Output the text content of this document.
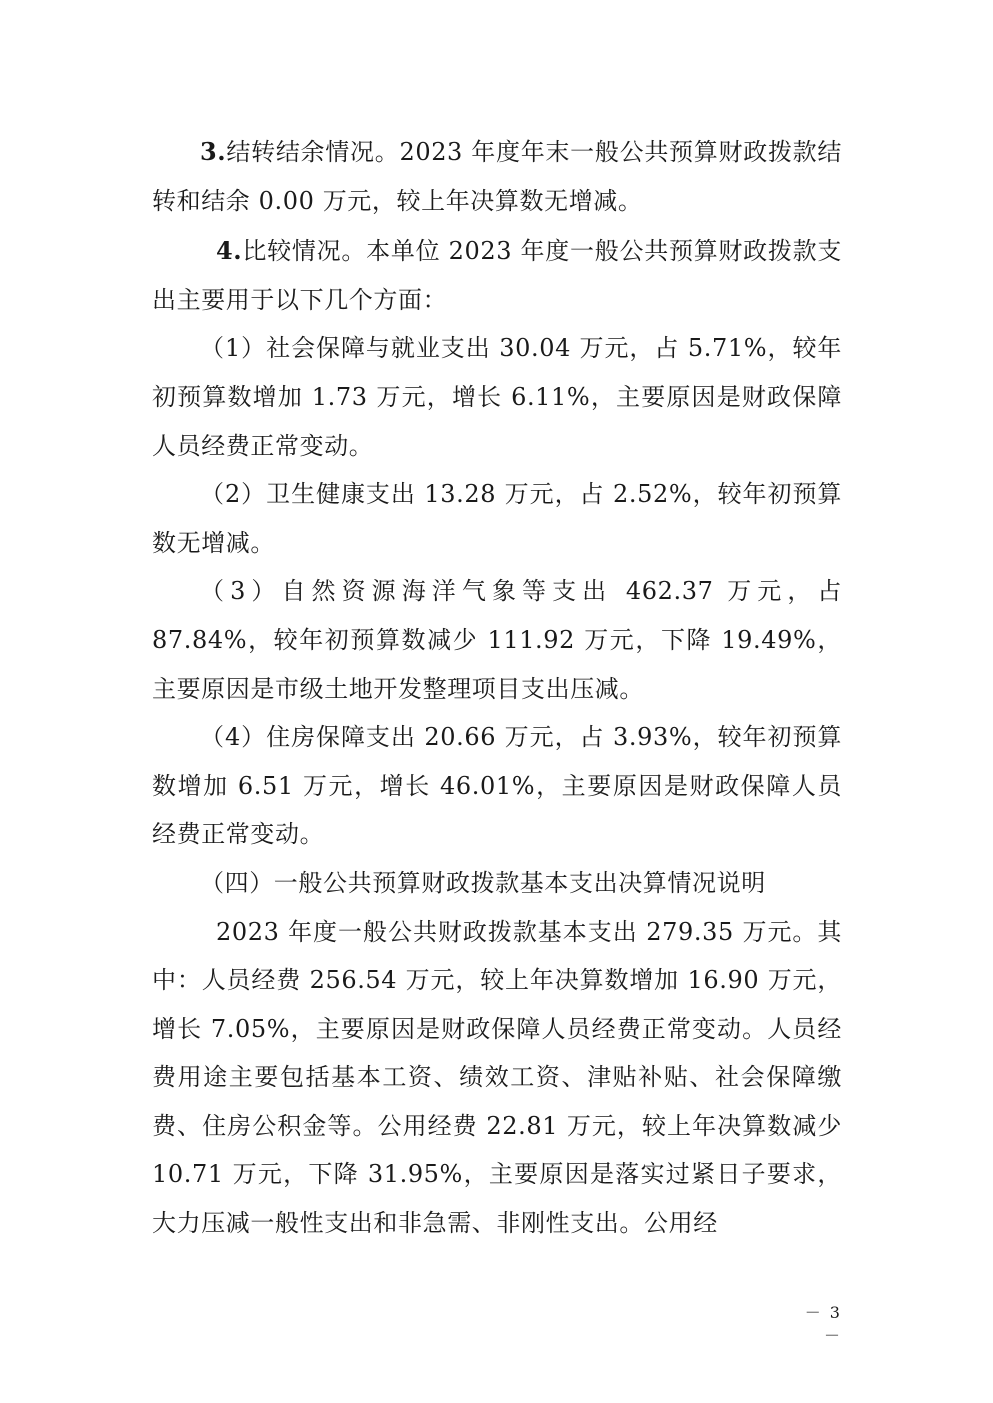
3.结转结余情况。2023 年度年末一般公共预算财政拨款结转和结余 0.00 万元，较上年决算数无增减。

4.比较情况。本单位 2023 年度一般公共预算财政拨款支出主要用于以下几个方面：

（1）社会保障与就业支出 30.04 万元，占 5.71%，较年初预算数增加 1.73 万元，增长 6.11%，主要原因是财政保障人员经费正常变动。

（2）卫生健康支出 13.28 万元，占 2.52%，较年初预算数无增减。

（3）自然资源海洋气象等支出 462.37 万元，占 87.84%，较年初预算数减少 111.92 万元，下降 19.49%，主要原因是市级土地开发整理项目支出压减。

（4）住房保障支出 20.66 万元，占 3.93%，较年初预算数增加 6.51 万元，增长 46.01%，主要原因是财政保障人员经费正常变动。

（四）一般公共预算财政拨款基本支出决算情况说明

2023 年度一般公共财政拨款基本支出 279.35 万元。其中：人员经费 256.54 万元，较上年决算数增加 16.90 万元，增长 7.05%，主要原因是财政保障人员经费正常变动。人员经费用途主要包括基本工资、绩效工资、津贴补贴、社会保障缴费、住房公积金等。公用经费 22.81 万元，较上年决算数减少 10.71 万元，下降 31.95%，主要原因是落实过紧日子要求，大力压减一般性支出和非急需、非刚性支出。公用经

－ 3 －
